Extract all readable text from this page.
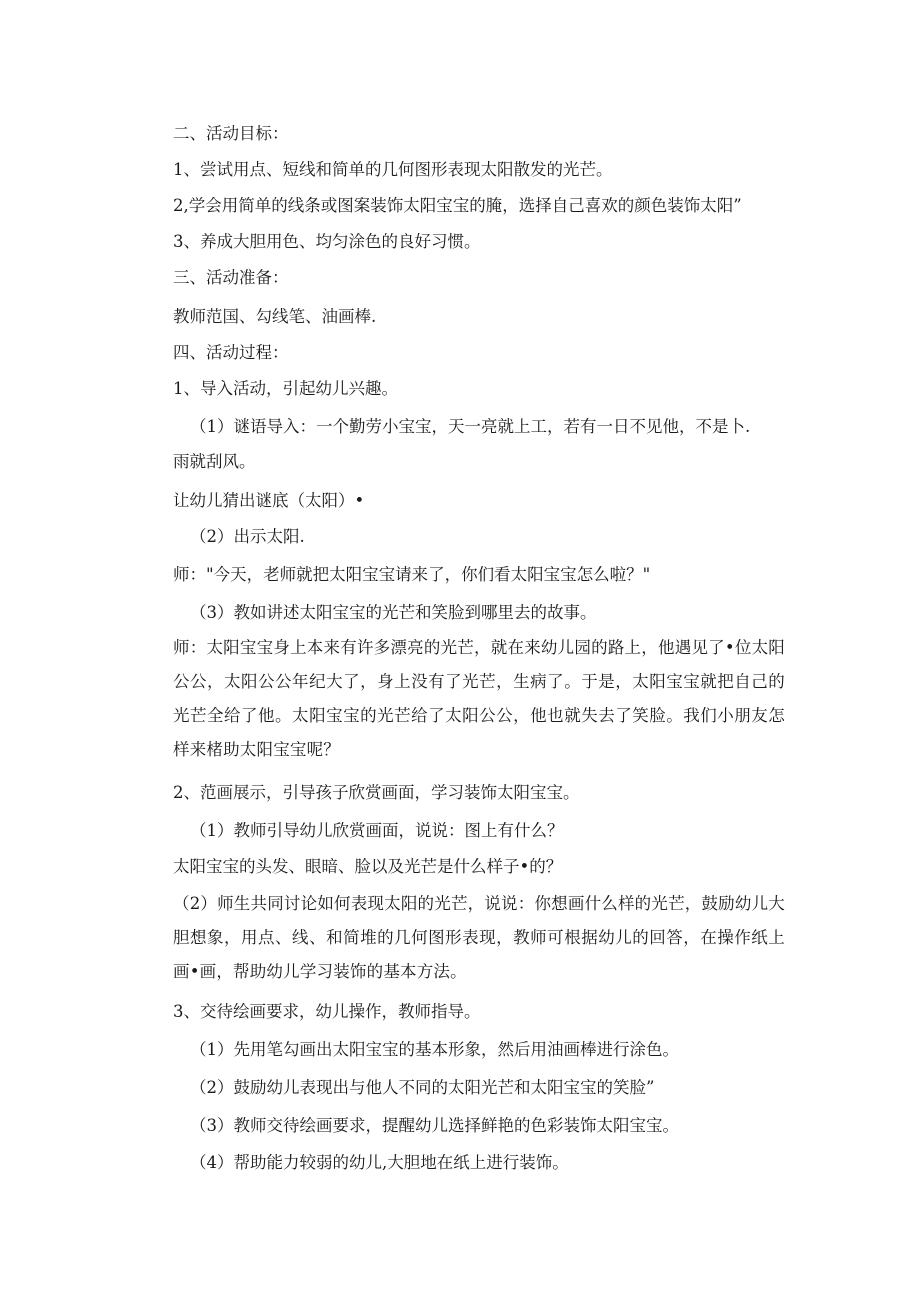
二、活动目标：
1、尝试用点、短线和简单的几何图形表现太阳散发的光芒。
2,学会用简单的线条或图案装饰太阳宝宝的腌，选择自己喜欢的颜色装饰太阳”
3、养成大胆用色、均匀涂色的良好习惯。
三、活动准备：
教师范国、勾线笔、油画棒.
四、活动过程：
1、导入活动，引起幼儿兴趣。
（1）谜语导入：一个勤劳小宝宝，天一亮就上工，若有一日不见他，不是卜.
雨就刮风。
让幼儿猜出谜底（太阳）•
（2）出示太阳.
师："今天，老师就把太阳宝宝请来了，你们看太阳宝宝怎么啦？"
（3）教如讲述太阳宝宝的光芒和笑脸到哪里去的故事。
师：太阳宝宝身上本来有许多漂亮的光芒，就在来幼儿园的路上，他遇见了•位太阳公公，太阳公公年纪大了，身上没有了光芒，生病了。于是，太阳宝宝就把自己的光芒全给了他。太阳宝宝的光芒给了太阳公公，他也就失去了笑脸。我们小朋友怎样来楮助太阳宝宝呢？
2、范画展示，引导孩子欣赏画面，学习装饰太阳宝宝。
（1）教师引导幼儿欣赏画面，说说：图上有什么？
太阳宝宝的头发、眼暗、脸以及光芒是什么样子•的？
（2）师生共同讨论如何表现太阳的光芒，说说：你想画什么样的光芒，鼓励幼儿大胆想象，用点、线、和简堆的几何图形表现，教师可根据幼儿的回答，在操作纸上画•画，帮助幼儿学习装饰的基本方法。
3、交待绘画要求，幼儿操作，教师指导。
（1）先用笔勾画出太阳宝宝的基本形象，然后用油画棒进行涂色。
（2）鼓励幼儿表现出与他人不同的太阳光芒和太阳宝宝的笑脸”
（3）教师交待绘画要求，提醒幼儿选择鲜艳的色彩装饰太阳宝宝。
（4）帮助能力较弱的幼儿,大胆地在纸上进行装饰。
